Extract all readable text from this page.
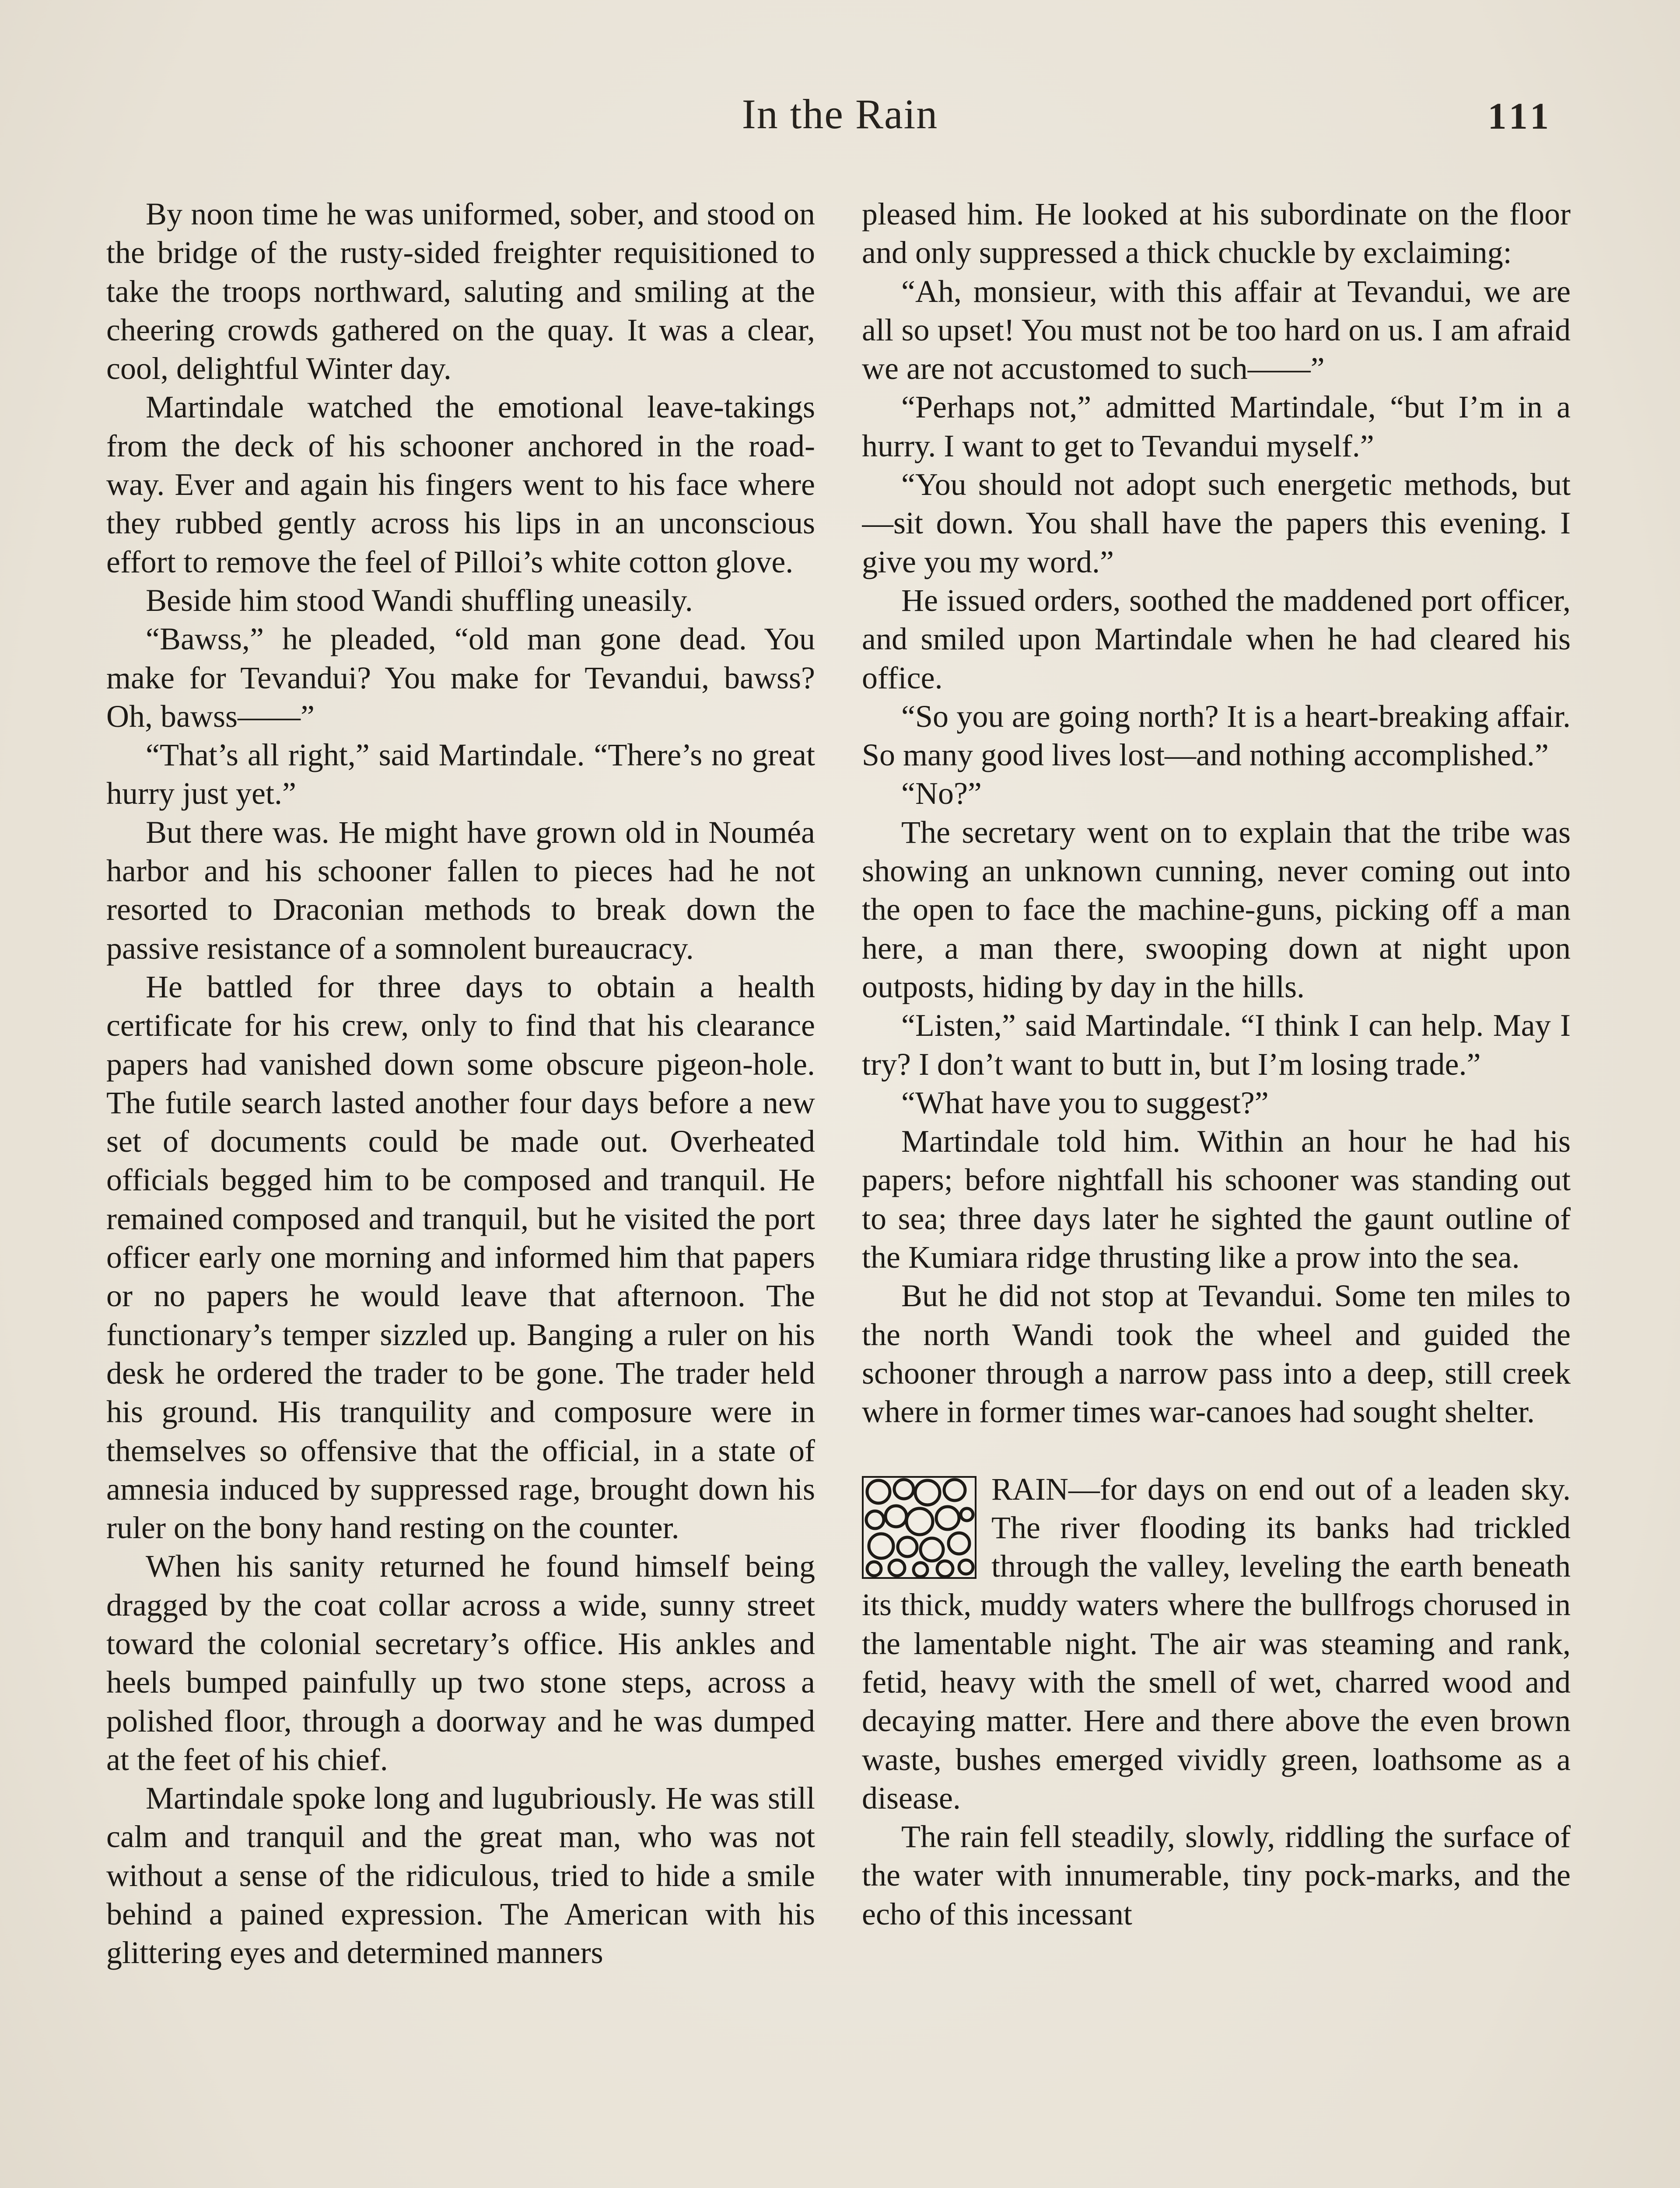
In the Rain	111

By noon time he was uniformed, sober, and stood on the bridge of the rusty-sided freighter requisitioned to take the troops northward, saluting and smiling at the cheering crowds gathered on the quay. It was a clear, cool, delightful Winter day.

Martindale watched the emotional leave-takings from the deck of his schooner anchored in the road-way. Ever and again his fingers went to his face where they rubbed gently across his lips in an unconscious effort to remove the feel of Pilloi’s white cotton glove.

Beside him stood Wandi shuffling uneasily.

“Bawss,” he pleaded, “old man gone dead. You make for Tevandui? You make for Tevandui, bawss? Oh, bawss——”

“That’s all right,” said Martindale. “There’s no great hurry just yet.”

But there was. He might have grown old in Nouméa harbor and his schooner fallen to pieces had he not resorted to Draconian methods to break down the passive resistance of a somnolent bureaucracy.

He battled for three days to obtain a health certificate for his crew, only to find that his clearance papers had vanished down some obscure pigeon-hole. The futile search lasted another four days before a new set of documents could be made out. Overheated officials begged him to be composed and tranquil. He remained composed and tranquil, but he visited the port officer early one morning and informed him that papers or no papers he would leave that afternoon. The functionary’s temper sizzled up. Banging a ruler on his desk he ordered the trader to be gone. The trader held his ground. His tranquility and composure were in themselves so offensive that the official, in a state of amnesia induced by suppressed rage, brought down his ruler on the bony hand resting on the counter.

When his sanity returned he found himself being dragged by the coat collar across a wide, sunny street toward the colonial secretary’s office. His ankles and heels bumped painfully up two stone steps, across a polished floor, through a doorway and he was dumped at the feet of his chief.

Martindale spoke long and lugubriously. He was still calm and tranquil and the great man, who was not without a sense of the ridiculous, tried to hide a smile behind a pained expression. The American with his glittering eyes and determined manners

pleased him. He looked at his subordinate on the floor and only suppressed a thick chuckle by exclaiming:

“Ah, monsieur, with this affair at Tevandui, we are all so upset! You must not be too hard on us. I am afraid we are not accustomed to such——”

“Perhaps not,” admitted Martindale, “but I’m in a hurry. I want to get to Tevandui myself.”

“You should not adopt such energetic methods, but—sit down. You shall have the papers this evening. I give you my word.”

He issued orders, soothed the maddened port officer, and smiled upon Martindale when he had cleared his office.

“So you are going north? It is a heart-breaking affair. So many good lives lost—and nothing accomplished.”

“No?”

The secretary went on to explain that the tribe was showing an unknown cunning, never coming out into the open to face the machine-guns, picking off a man here, a man there, swooping down at night upon outposts, hiding by day in the hills.

“Listen,” said Martindale. “I think I can help. May I try? I don’t want to butt in, but I’m losing trade.”

“What have you to suggest?”

Martindale told him. Within an hour he had his papers; before nightfall his schooner was standing out to sea; three days later he sighted the gaunt outline of the Kumiara ridge thrusting like a prow into the sea.

But he did not stop at Tevandui. Some ten miles to the north Wandi took the wheel and guided the schooner through a narrow pass into a deep, still creek where in former times war-canoes had sought shelter.

RAIN—for days on end out of a leaden sky. The river flooding its banks had trickled through the valley, leveling the earth beneath its thick, muddy waters where the bullfrogs chorused in the lamentable night. The air was steaming and rank, fetid, heavy with the smell of wet, charred wood and decaying matter. Here and there above the even brown waste, bushes emerged vividly green, loathsome as a disease.

The rain fell steadily, slowly, riddling the surface of the water with innumerable, tiny pock-marks, and the echo of this incessant
